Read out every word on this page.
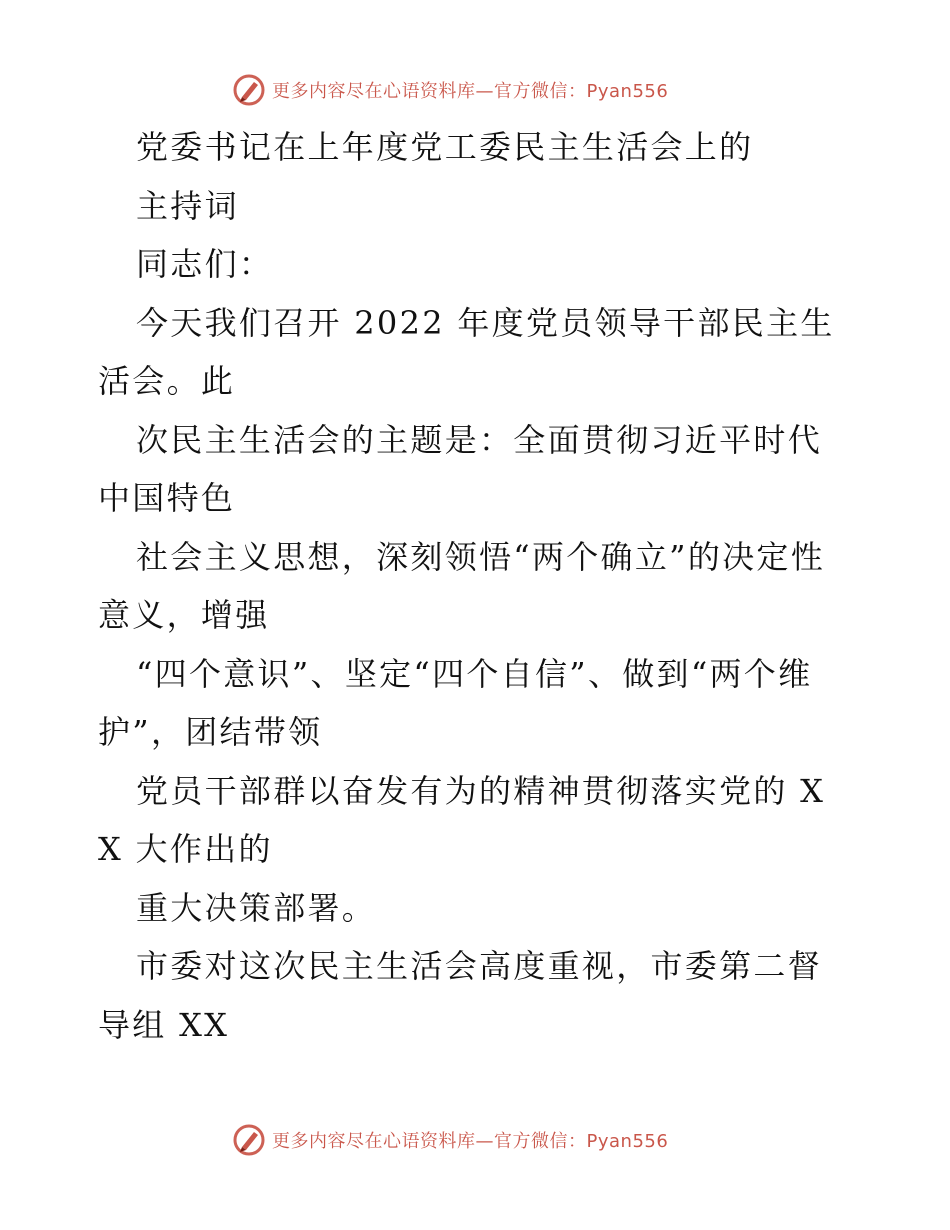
更多内容尽在心语资料库—官方微信：Pyan556

党委书记在上年度党工委民主生活会上的

主持词

同志们：

今天我们召开 2022 年度党员领导干部民主生活会。此

次民主生活会的主题是：全面贯彻习近平时代中国特色

社会主义思想，深刻领悟“两个确立”的决定性意义，增强

“四个意识”、坚定“四个自信”、做到“两个维护”，团结带领

党员干部群以奋发有为的精神贯彻落实党的 XX 大作出的

重大决策部署。

市委对这次民主生活会高度重视，市委第二督导组 XX

更多内容尽在心语资料库—官方微信：Pyan556
